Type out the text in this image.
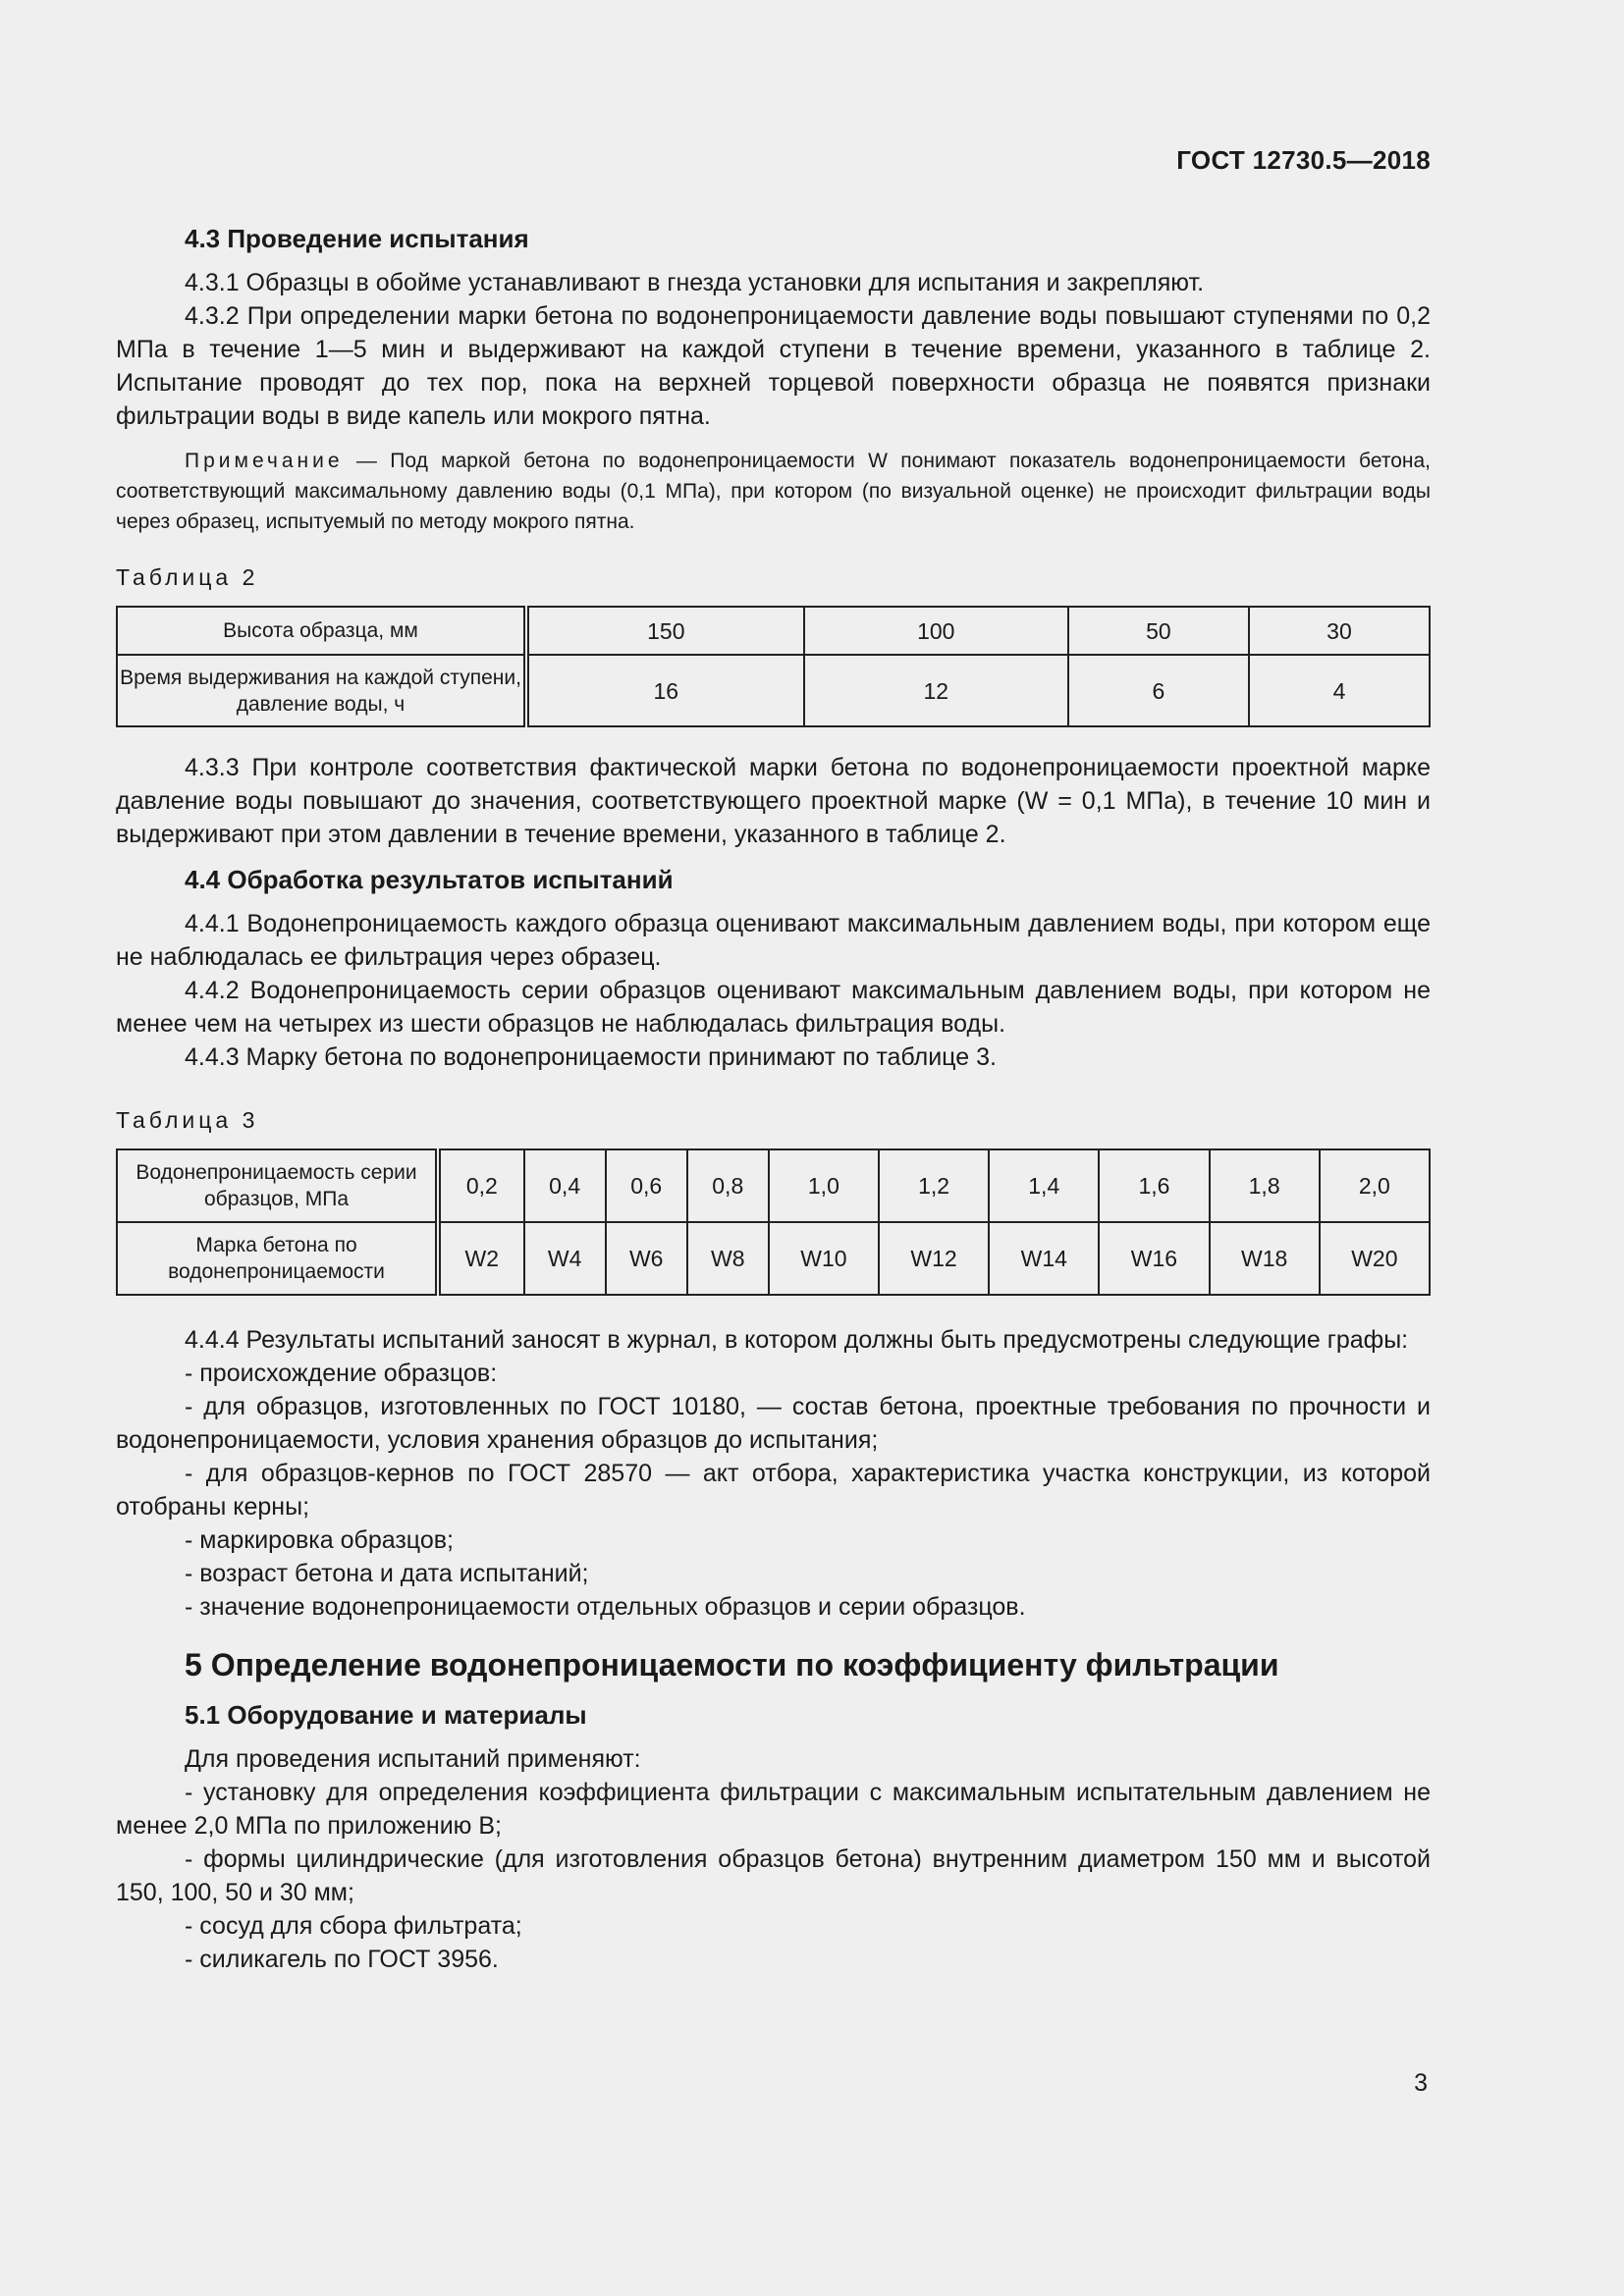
ГОСТ 12730.5—2018
4.3 Проведение испытания

4.3.1 Образцы в обойме устанавливают в гнезда установки для испытания и закрепляют.

4.3.2 При определении марки бетона по водонепроницаемости давление воды повышают ступенями по 0,2 МПа в течение 1—5 мин и выдерживают на каждой ступени в течение времени, указанного в таблице 2. Испытание проводят до тех пор, пока на верхней торцевой поверхности образца не появятся признаки фильтрации воды в виде капель или мокрого пятна.

Примечание — Под маркой бетона по водонепроницаемости W понимают показатель водонепроницаемости бетона, соответствующий максимальному давлению воды (0,1 МПа), при котором (по визуальной оценке) не происходит фильтрации воды через образец, испытуемый по методу мокрого пятна.

Таблица 2
Высота образца, мм	150	100	50	30
Время выдерживания на каждой ступени, давление воды, ч	16	12	6	4

4.3.3 При контроле соответствия фактической марки бетона по водонепроницаемости проектной марке давление воды повышают до значения, соответствующего проектной марке (W = 0,1 МПа), в течение 10 мин и выдерживают при этом давлении в течение времени, указанного в таблице 2.

4.4 Обработка результатов испытаний

4.4.1 Водонепроницаемость каждого образца оценивают максимальным давлением воды, при котором еще не наблюдалась ее фильтрация через образец.

4.4.2 Водонепроницаемость серии образцов оценивают максимальным давлением воды, при котором не менее чем на четырех из шести образцов не наблюдалась фильтрация воды.

4.4.3 Марку бетона по водонепроницаемости принимают по таблице 3.

Таблица 3
Водонепроницаемость серии образцов, МПа	0,2	0,4	0,6	0,8	1,0	1,2	1,4	1,6	1,8	2,0
Марка бетона по водонепроницаемости	W2	W4	W6	W8	W10	W12	W14	W16	W18	W20

4.4.4 Результаты испытаний заносят в журнал, в котором должны быть предусмотрены следующие графы:

- происхождение образцов:

- для образцов, изготовленных по ГОСТ 10180, — состав бетона, проектные требования по прочности и водонепроницаемости, условия хранения образцов до испытания;

- для образцов-кернов по ГОСТ 28570 — акт отбора, характеристика участка конструкции, из которой отобраны керны;

- маркировка образцов;

- возраст бетона и дата испытаний;

- значение водонепроницаемости отдельных образцов и серии образцов.

5 Определение водонепроницаемости по коэффициенту фильтрации
5.1 Оборудование и материалы

Для проведения испытаний применяют:

- установку для определения коэффициента фильтрации с максимальным испытательным давлением не менее 2,0 МПа по приложению В;

- формы цилиндрические (для изготовления образцов бетона) внутренним диаметром 150 мм и высотой 150, 100, 50 и 30 мм;

- сосуд для сбора фильтрата;

- силикагель по ГОСТ 3956.

3
